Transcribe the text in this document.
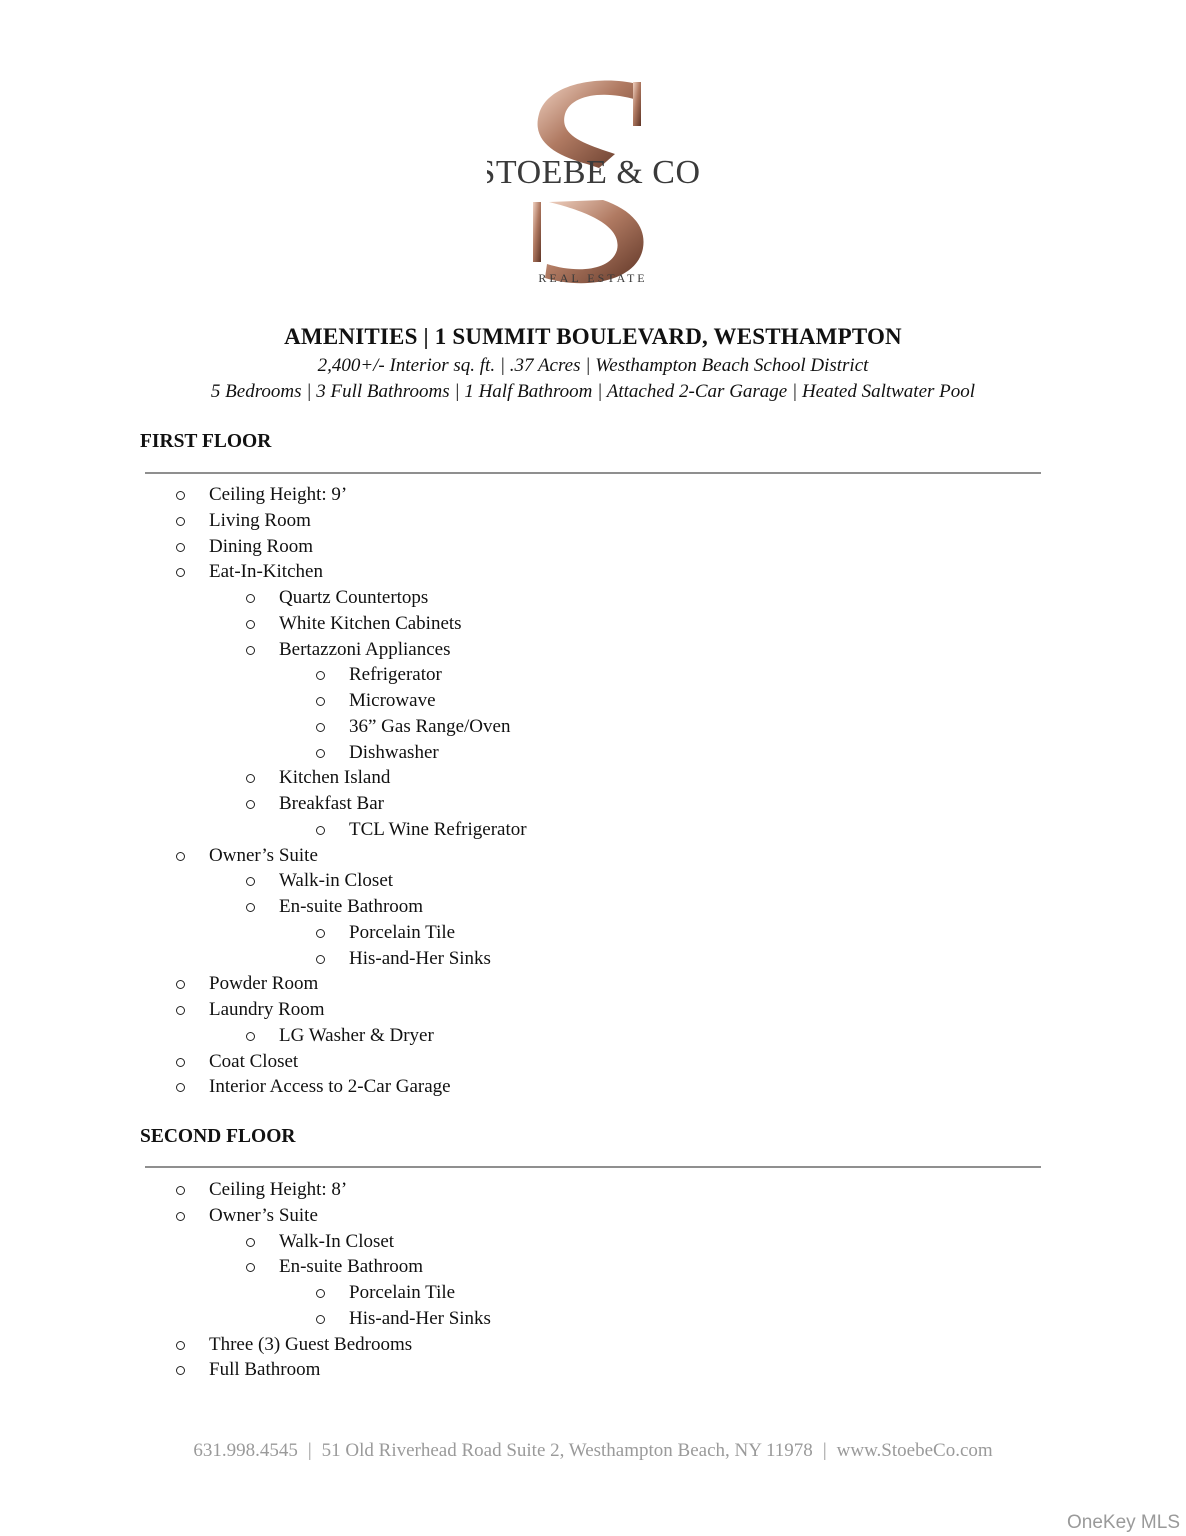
STOEBE & CO.
REAL ESTATE
AMENITIES | 1 SUMMIT BOULEVARD, WESTHAMPTON
2,400+/- Interior sq. ft. | .37 Acres | Westhampton Beach School District
5 Bedrooms | 3 Full Bathrooms | 1 Half Bathroom | Attached 2-Car Garage | Heated Saltwater Pool
FIRST FLOOR
Ceiling Height: 9’
Living Room
Dining Room
Eat-In-Kitchen
Quartz Countertops
White Kitchen Cabinets
Bertazzoni Appliances
Refrigerator
Microwave
36” Gas Range/Oven
Dishwasher
Kitchen Island
Breakfast Bar
TCL Wine Refrigerator
Owner’s Suite
Walk-in Closet
En-suite Bathroom
Porcelain Tile
His-and-Her Sinks
Powder Room
Laundry Room
LG Washer & Dryer
Coat Closet
Interior Access to 2-Car Garage
SECOND FLOOR
Ceiling Height: 8’
Owner’s Suite
Walk-In Closet
En-suite Bathroom
Porcelain Tile
His-and-Her Sinks
Three (3) Guest Bedrooms
Full Bathroom
631.998.4545 | 51 Old Riverhead Road Suite 2, Westhampton Beach, NY 11978 | www.StoebeCo.com
OneKey MLS
